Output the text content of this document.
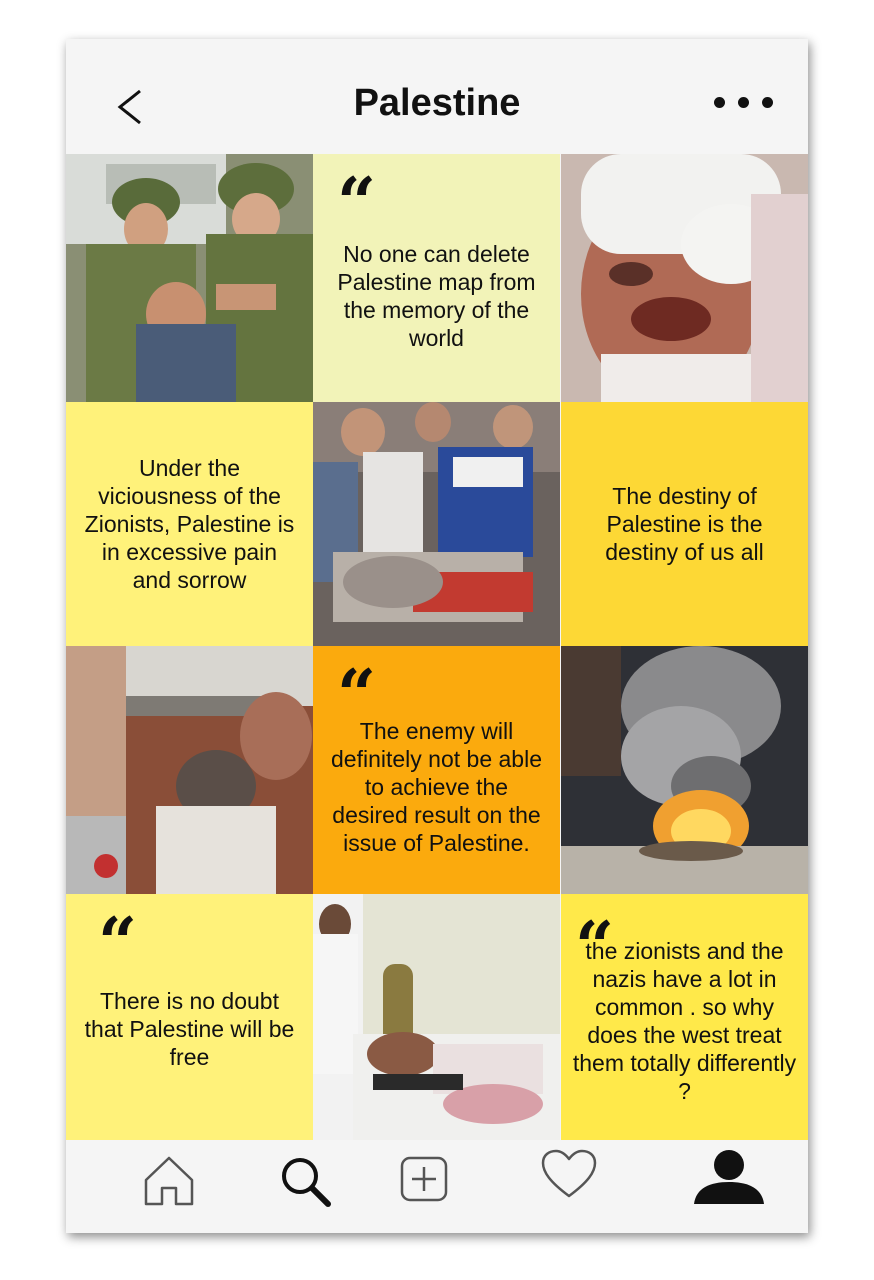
Palestine
“
No one can delete Palestine map from the memory of the world
Under the viciousness of the Zionists, Palestine is in excessive pain and sorrow
The destiny of Palestine is the destiny of us all
“
The enemy will definitely not be able to achieve the desired result on the issue of Palestine.
“
There is no doubt that Palestine will be free
“
the zionists and the nazis have a lot in common . so why does the west treat them totally differently ?
